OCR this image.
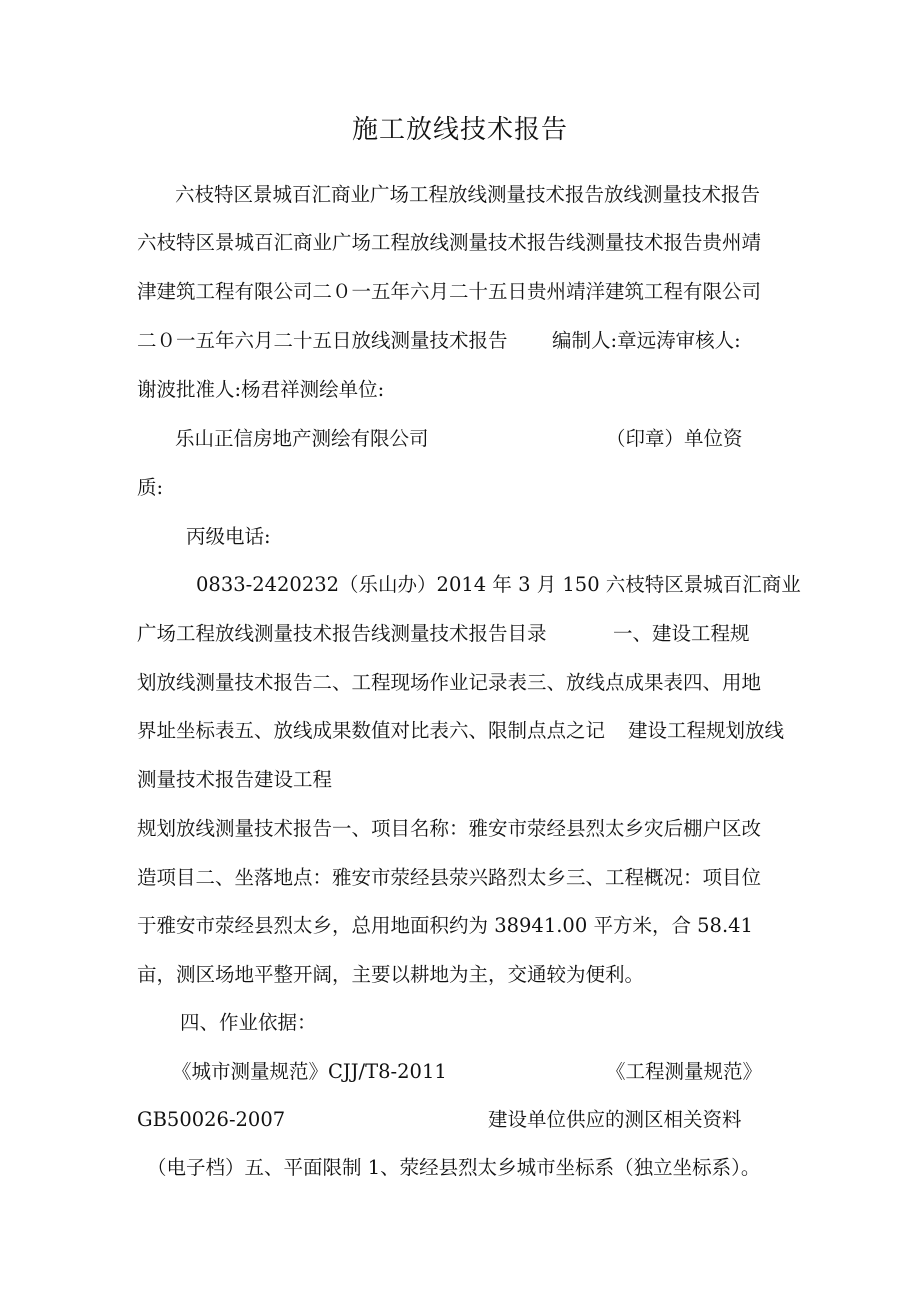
施工放线技术报告

六枝特区景城百汇商业广场工程放线测量技术报告放线测量技术报告

六枝特区景城百汇商业广场工程放线测量技术报告线测量技术报告贵州靖

津建筑工程有限公司二０一五年六月二十五日贵州靖洋建筑工程有限公司

二０一五年六月二十五日放线测量技术报告 编制人:章远涛审核人:

谢波批准人:杨君祥测绘单位:

乐山正信房地产测绘有限公司	（印章）单位资

质:

丙级电话:

0833-2420232（乐山办）2014 年 3 月 150 六枝特区景城百汇商业

广场工程放线测量技术报告线测量技术报告目录	一、建设工程规

划放线测量技术报告二、工程现场作业记录表三、放线点成果表四、用地

界址坐标表五、放线成果数值对比表六、限制点点之记 建设工程规划放线

测量技术报告建设工程

规划放线测量技术报告一、项目名称：雅安市荥经县烈太乡灾后棚户区改

造项目二、坐落地点：雅安市荥经县荥兴路烈太乡三、工程概况：项目位

于雅安市荥经县烈太乡，总用地面积约为 38941.00 平方米，合 58.41

亩，测区场地平整开阔，主要以耕地为主，交通较为便利。

四、作业依据：

《城市测量规范》CJJ/T8-2011	《工程测量规范》

GB50026-2007	建设单位供应的测区相关资料

（电子档）五、平面限制 1、荥经县烈太乡城市坐标系（独立坐标系）。
